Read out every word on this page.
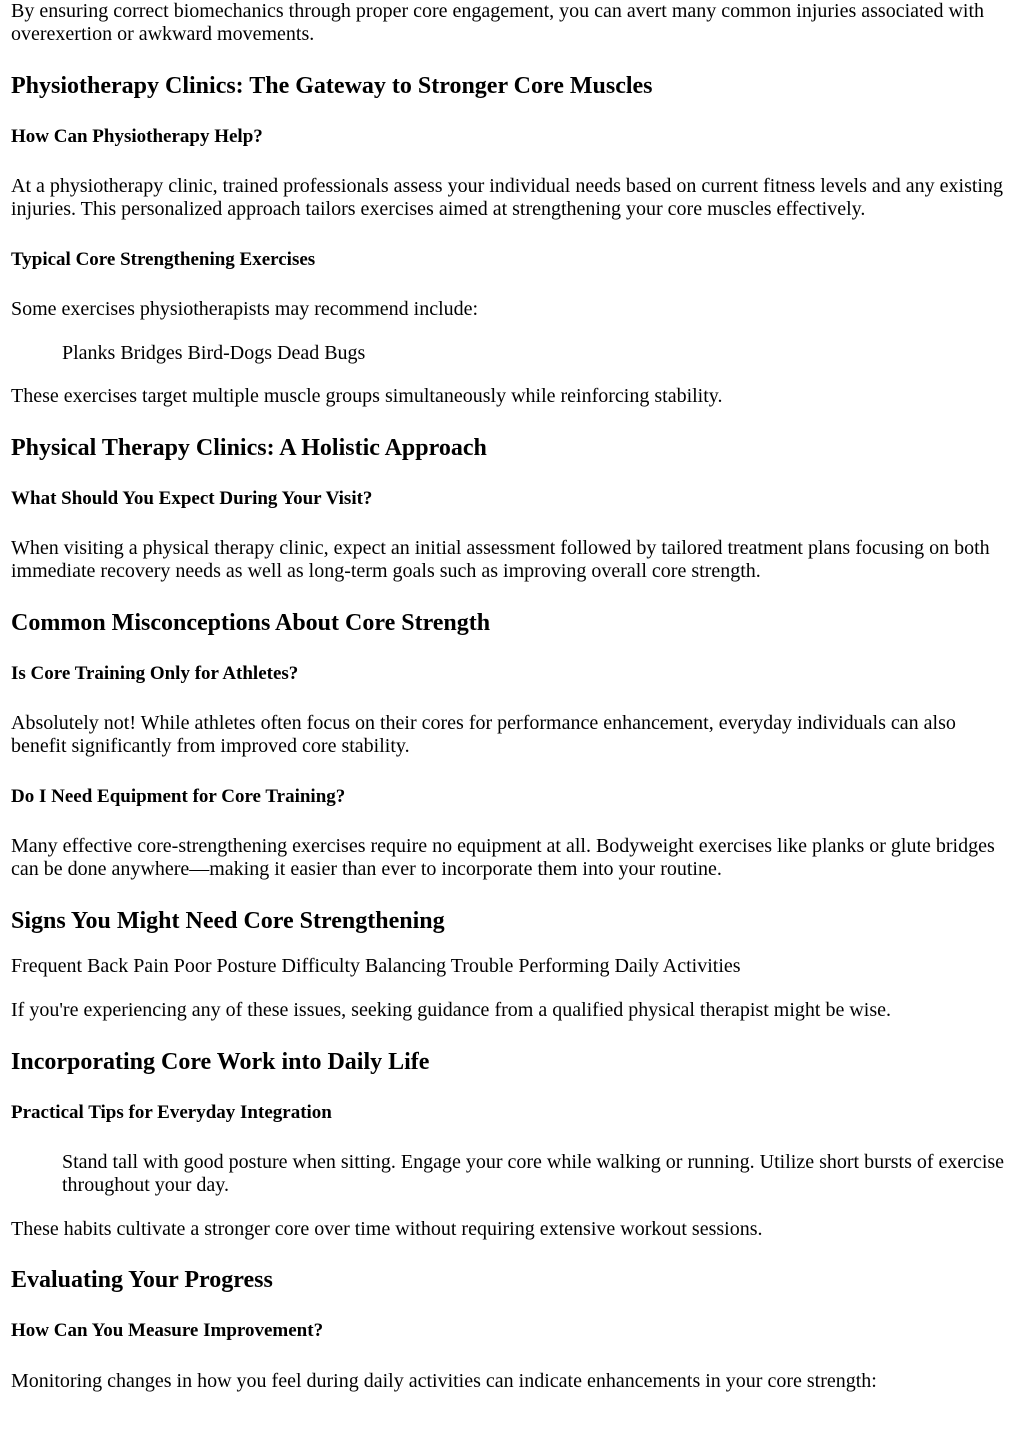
By ensuring correct biomechanics through proper core engagement, you can avert many common injuries associated with overexertion or awkward movements.

Physiotherapy Clinics: The Gateway to Stronger Core Muscles
How Can Physiotherapy Help?

At a physiotherapy clinic, trained professionals assess your individual needs based on current fitness levels and any existing injuries. This personalized approach tailors exercises aimed at strengthening your core muscles effectively.

Typical Core Strengthening Exercises

Some exercises physiotherapists may recommend include:

Planks Bridges Bird-Dogs Dead Bugs

These exercises target multiple muscle groups simultaneously while reinforcing stability.

Physical Therapy Clinics: A Holistic Approach
What Should You Expect During Your Visit?

When visiting a physical therapy clinic, expect an initial assessment followed by tailored treatment plans focusing on both immediate recovery needs as well as long-term goals such as improving overall core strength.

Common Misconceptions About Core Strength
Is Core Training Only for Athletes?

Absolutely not! While athletes often focus on their cores for performance enhancement, everyday individuals can also benefit significantly from improved core stability.

Do I Need Equipment for Core Training?

Many effective core-strengthening exercises require no equipment at all. Bodyweight exercises like planks or glute bridges can be done anywhere—making it easier than ever to incorporate them into your routine.

Signs You Might Need Core Strengthening

Frequent Back Pain Poor Posture Difficulty Balancing Trouble Performing Daily Activities

If you're experiencing any of these issues, seeking guidance from a qualified physical therapist might be wise.

Incorporating Core Work into Daily Life
Practical Tips for Everyday Integration

Stand tall with good posture when sitting. Engage your core while walking or running. Utilize short bursts of exercise throughout your day.

These habits cultivate a stronger core over time without requiring extensive workout sessions.

Evaluating Your Progress
How Can You Measure Improvement?

Monitoring changes in how you feel during daily activities can indicate enhancements in your core strength:
